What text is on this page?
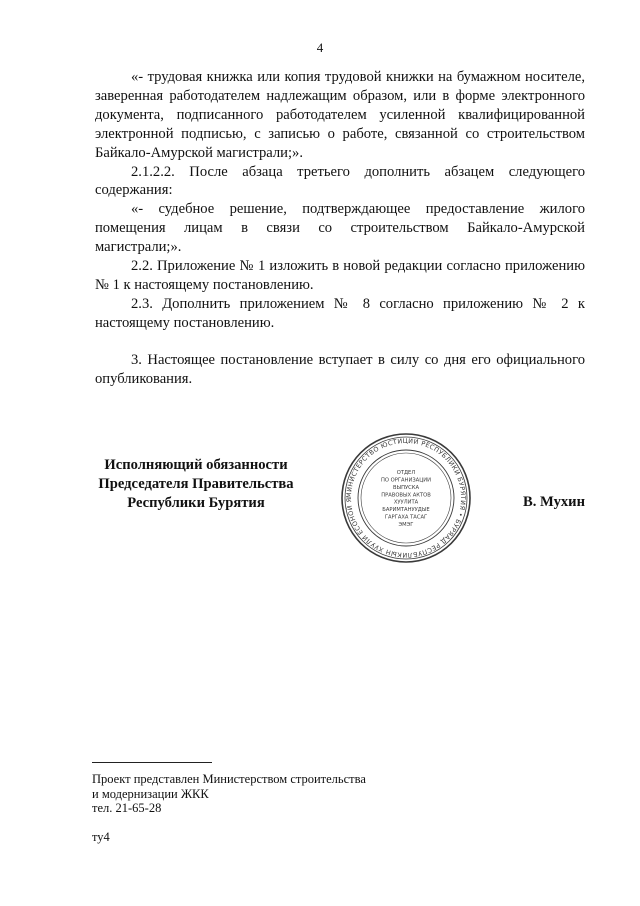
4

«- трудовая книжка или копия трудовой книжки на бумажном носителе, заверенная работодателем надлежащим образом, или в форме электронного документа, подписанного работодателем усиленной квалифицированной электронной подписью, с записью о работе, связанной со строительством Байкало-Амурской магистрали;».

2.1.2.2. После абзаца третьего дополнить абзацем следующего содержания:

«- судебное решение, подтверждающее предоставление жилого помещения лицам в связи со строительством Байкало-Амурской магистрали;».

2.2. Приложение № 1 изложить в новой редакции согласно приложению № 1 к настоящему постановлению.

2.3. Дополнить приложением № 8 согласно приложению № 2 к настоящему постановлению.

3. Настоящее постановление вступает в силу со дня его официального опубликования.

Исполняющий обязанности
Председателя Правительства
Республики Бурятия	МИНИСТЕРСТВО ЮСТИЦИИ РЕСПУБЛИКИ БУРЯТИЯ • БУРЯАД РЕСПУБЛИКЫН ХУУЛИ ЁСОНОЙ Я
ОТДЕЛ
ПО ОРГАНИЗАЦИИ
ВЫПУСКА
ПРАВОВЫХ АКТОВ
ХУУЛИТА
БАРИМТАНУУДЫЕ
ГАРГАХА ТАСАГ
ЭМЭГ
В. Мухин
Проект представлен Министерством строительства
и модернизации ЖКК
тел. 21-65-28
ту4
